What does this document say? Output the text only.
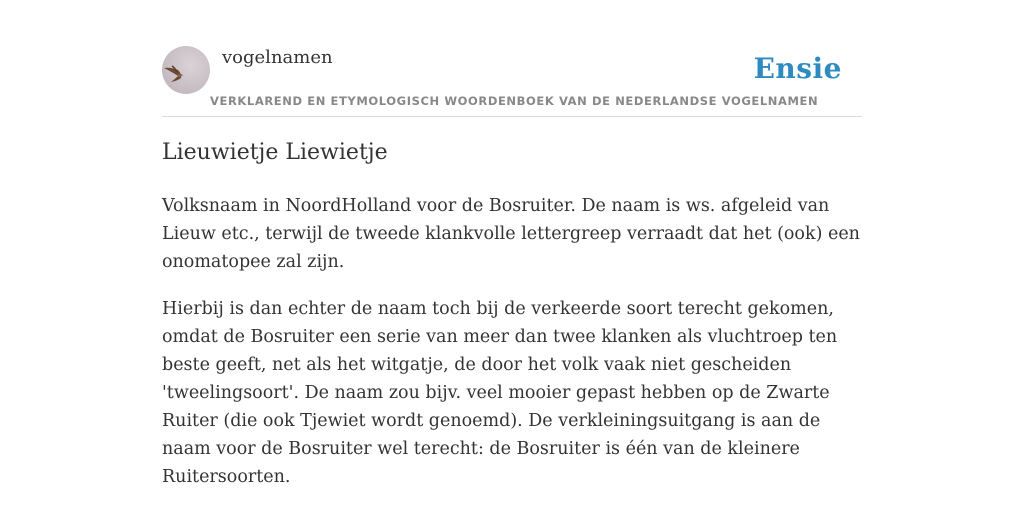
vogelnamen	Ensie
VERKLAREND EN ETYMOLOGISCH WOORDENBOEK VAN DE NEDERLANDSE VOGELNAMEN
Lieuwietje Liewietje

Volksnaam in NoordHolland voor de Bosruiter. De naam is ws. afgeleid van Lieuw etc., terwijl de tweede klankvolle lettergreep verraadt dat het (ook) een onomatopee zal zijn.

Hierbij is dan echter de naam toch bij de verkeerde soort terecht gekomen, omdat de Bosruiter een serie van meer dan twee klanken als vluchtroep ten beste geeft, net als het witgatje, de door het volk vaak niet gescheiden 'tweelingsoort'. De naam zou bijv. veel mooier gepast hebben op de Zwarte Ruiter (die ook Tjewiet wordt genoemd). De verkleiningsuitgang is aan de naam voor de Bosruiter wel terecht: de Bosruiter is één van de kleinere Ruitersoorten.
